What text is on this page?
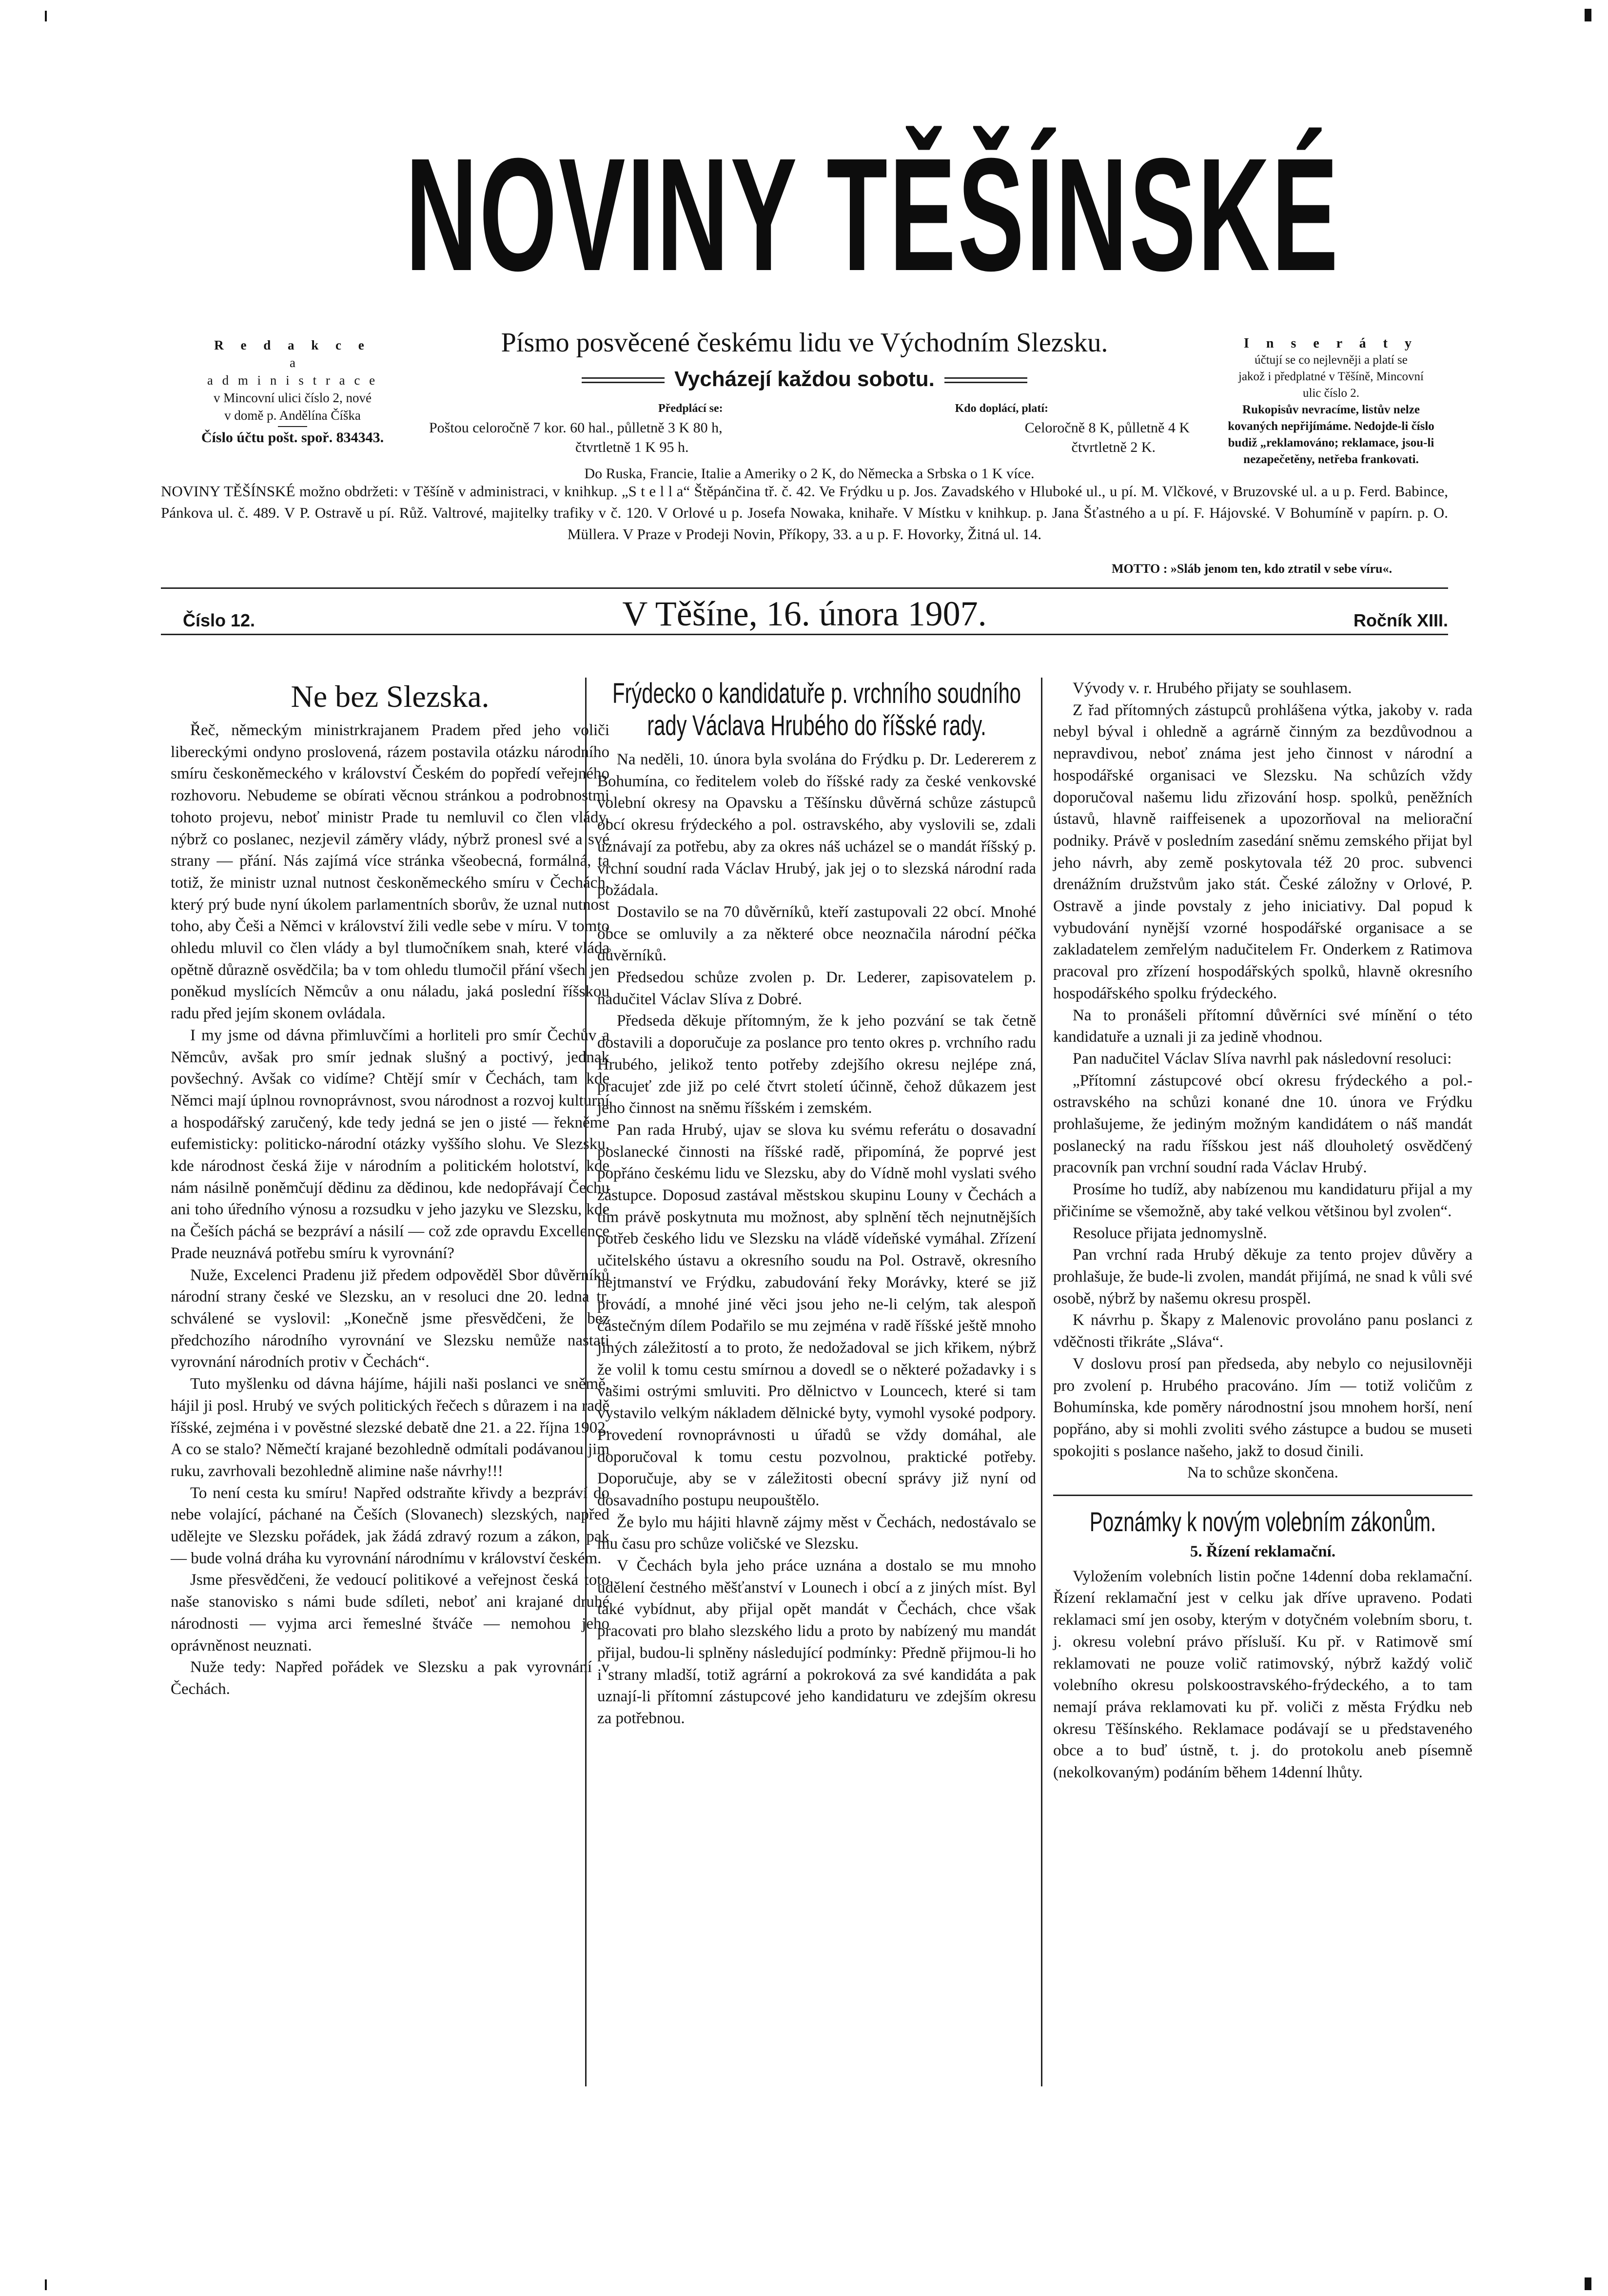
NOVINY TĚŠÍNSKÉ
R e d a k c e
a
a d m i n i s t r a c e
v Mincovní ulici číslo 2, nové
v domě p. Andělína Číška
Číslo účtu pošt. spoř. 834343.
Písmo posvěcené českému lidu ve Východním Slezsku.
Vycházejí každou sobotu.
Předplácí se:	Kdo doplácí, platí:
Poštou celoročně 7 kor. 60 hal., půlletně 3 K 80 h,	Celoročně 8 K, půlletně 4 K
čtvrtletně 1 K 95 h.	čtvrtletně 2 K.
Do Ruska, Francie, Italie a Ameriky o 2 K, do Německa a Srbska o 1 K více.
I n s e r á t y
účtují se co nejlevněji a platí se
jakož i předplatné v Těšíně, Mincovní
ulic číslo 2.
Rukopisův nevracíme, listův nelze
kovaných nepřijímáme. Nedojde-li číslo
budiž „reklamováno; reklamace, jsou-li
nezapečetěny, netřeba frankovati.
NOVINY TĚŠÍNSKÉ možno obdržeti: v Těšíně v administraci, v knihkup. „S t e l l a“ Štěpánčina tř. č. 42. Ve Frýdku u p. Jos. Zavadského v Hluboké ul., u pí. M. Vlčkové, v Bruzovské ul. a u p. Ferd. Babince, Pánkova ul. č. 489. V P. Ostravě u pí. Růž. Valtrové, majitelky trafiky v č. 120. V Orlové u p. Josefa Nowaka, knihaře. V Místku v knihkup. p. Jana Šťastného a u pí. F. Hájovské. V Bohumíně v papírn. p. O. Müllera. V Praze v Prodeji Novin, Příkopy, 33. a u p. F. Hovorky, Žitná ul. 14.
MOTTO : »Sláb jenom ten, kdo ztratil v sebe víru«.
Číslo 12.	V Těšíne, 16. února 1907.	Ročník XIII.
Ne bez Slezska.

Řeč, německým ministrkrajanem Pradem před jeho voliči libereckými ondyno proslovená, rázem postavila otázku národního smíru českoněmeckého v království Českém do popředí veřejného rozhovoru. Nebudeme se obírati věcnou stránkou a podrobnostmi tohoto projevu, neboť ministr Prade tu nemluvil co člen vlády, nýbrž co poslanec, nezjevil záměry vlády, nýbrž pronesl své a své strany — přání. Nás zajímá více stránka všeobecná, formálná, ta totiž, že ministr uznal nutnost českoněmeckého smíru v Čechách, který prý bude nyní úkolem parlamentních sborův, že uznal nutnost toho, aby Češi a Němci v království žili vedle sebe v míru. V tomto ohledu mluvil co člen vlády a byl tlumočníkem snah, které vláda opětně důrazně osvědčila; ba v tom ohledu tlumočil přání všech jen poněkud myslících Němcův a onu náladu, jaká poslední říšskou radu před jejím skonem ovládala.

I my jsme od dávna přimluvčími a horliteli pro smír Čechův a Němcův, avšak pro smír jednak slušný a poctivý, jednak povšechný. Avšak co vidíme? Chtějí smír v Čechách, tam kde Němci mají úplnou rovnoprávnost, svou národnost a rozvoj kulturní a hospodářský zaručený, kde tedy jedná se jen o jisté — řekněme eufemisticky: politicko-národní otázky vyššího slohu. Ve Slezsku, kde národnost česká žije v národním a politickém holotství, kde nám násilně poněmčují dědinu za dědinou, kde nedopřávají Čechu ani toho úředního výnosu a rozsudku v jeho jazyku ve Slezsku, kde na Češích páchá se bezpráví a násilí — což zde opravdu Excellence Prade neuznává potřebu smíru k vyrovnání?

Nuže, Excelenci Pradenu již předem odpověděl Sbor důvěrníků národní strany české ve Slezsku, an v resoluci dne 20. ledna tr. schválené se vyslovil: „Konečně jsme přesvědčeni, že bez předchozího národního vyrovnání ve Slezsku nemůže nastati vyrovnání národních protiv v Čechách“.

Tuto myšlenku od dávna hájíme, hájili naši poslanci ve sněmě, hájil ji posl. Hrubý ve svých politických řečech s důrazem i na radě říšské, zejména i v pověstné slezské debatě dne 21. a 22. října 1902. A co se stalo? Němečtí krajané bezohledně odmítali podávanou jim ruku, zavrhovali bezohledně alimine naše návrhy!!!

To není cesta ku smíru! Napřed odstraňte křivdy a bezpráví do nebe volající, páchané na Češích (Slovanech) slezských, napřed udělejte ve Slezsku pořádek, jak žádá zdravý rozum a zákon, pak — bude volná dráha ku vyrovnání národnímu v království českém.

Jsme přesvědčeni, že vedoucí politikové a veřejnost česká toto naše stanovisko s námi bude sdíleti, neboť ani krajané druhé národnosti — vyjma arci řemeslné štváče — nemohou jeho oprávněnost neuznati.

Nuže tedy: Napřed pořádek ve Slezsku a pak vyrovnání v Čechách.

Frýdecko o kandidatuře p. vrchního soudního rady Václava Hrubého do říšské rady.

Na neděli, 10. února byla svolána do Frýdku p. Dr. Ledererem z Bohumína, co ředitelem voleb do říšské rady za české venkovské volební okresy na Opavsku a Těšínsku důvěrná schůze zástupců obcí okresu frýdeckého a pol. ostravského, aby vyslovili se, zdali uznávají za potřebu, aby za okres náš ucházel se o mandát říšský p. vrchní soudní rada Václav Hrubý, jak jej o to slezská národní rada požádala.

Dostavilo se na 70 důvěrníků, kteří zastupovali 22 obcí. Mnohé obce se omluvily a za některé obce neoznačila národní péčka důvěrníků.

Předsedou schůze zvolen p. Dr. Lederer, zapisovatelem p. nadučitel Václav Slíva z Dobré.

Předseda děkuje přítomným, že k jeho pozvání se tak četně dostavili a doporučuje za poslance pro tento okres p. vrchního radu Hrubého, jelikož tento potřeby zdejšího okresu nejlépe zná, pracujeť zde již po celé čtvrt století účinně, čehož důkazem jest jeho činnost na sněmu říšském i zemském.

Pan rada Hrubý, ujav se slova ku svému referátu o dosavadní poslanecké činnosti na říšské radě, připomíná, že poprvé jest popřáno českému lidu ve Slezsku, aby do Vídně mohl vyslati svého zástupce. Doposud zastával městskou skupinu Louny v Čechách a tím právě poskytnuta mu možnost, aby splnění těch nejnutnějších potřeb českého lidu ve Slezsku na vládě vídeňské vymáhal. Zřízení učitelského ústavu a okresního soudu na Pol. Ostravě, okresního hejtmanství ve Frýdku, zabudování řeky Morávky, které se již provádí, a mnohé jiné věci jsou jeho ne-li celým, tak alespoň částečným dílem Podařilo se mu zejména v radě říšské ještě mnoho jiných záležitostí a to proto, že nedožadoval se jich křikem, nýbrž že volil k tomu cestu smírnou a dovedl se o některé požadavky i s vašimi ostrými smluviti. Pro dělnictvo v Louncech, které si tam vystavilo velkým nákladem dělnické byty, vymohl vysoké podpory. Provedení rovnoprávnosti u úřadů se vždy domáhal, ale doporučoval k tomu cestu pozvolnou, praktické potřeby. Doporučuje, aby se v záležitosti obecní správy již nyní od dosavadního postupu neupouštělo.

Že bylo mu hájiti hlavně zájmy měst v Čechách, nedostávalo se mu času pro schůze voličské ve Slezsku.

V Čechách byla jeho práce uznána a dostalo se mu mnoho udělení čestného měšťanství v Lounech i obcí a z jiných míst. Byl také vybídnut, aby přijal opět mandát v Čechách, chce však pracovati pro blaho slezského lidu a proto by nabízený mu mandát přijal, budou-li splněny následující podmínky: Předně přijmou-li ho i strany mladší, totiž agrární a pokroková za své kandidáta a pak uznají-li přítomní zástupcové jeho kandidaturu ve zdejším okresu za potřebnou.

Vývody v. r. Hrubého přijaty se souhlasem.

Z řad přítomných zástupců prohlášena výtka, jakoby v. rada nebyl býval i ohledně a agrárně činným za bezdůvodnou a nepravdivou, neboť známa jest jeho činnost v národní a hospodářské organisaci ve Slezsku. Na schůzích vždy doporučoval našemu lidu zřizování hosp. spolků, peněžních ústavů, hlavně raiffeisenek a upozorňoval na meliorační podniky. Právě v posledním zasedání sněmu zemského přijat byl jeho návrh, aby země poskytovala též 20 proc. subvenci drenážním družstvům jako stát. České záložny v Orlové, P. Ostravě a jinde povstaly z jeho iniciativy. Dal popud k vybudování nynější vzorné hospodářské organisace a se zakladatelem zemřelým nadučitelem Fr. Onderkem z Ratimova pracoval pro zřízení hospodářských spolků, hlavně okresního hospodářského spolku frýdeckého.

Na to pronášeli přítomní důvěrníci své mínění o této kandidatuře a uznali ji za jedině vhodnou.

Pan nadučitel Václav Slíva navrhl pak následovní resoluci:

„Přítomní zástupcové obcí okresu frýdeckého a pol.-ostravského na schůzi konané dne 10. února ve Frýdku prohlašujeme, že jediným možným kandidátem o náš mandát poslanecký na radu říšskou jest náš dlouholetý osvědčený pracovník pan vrchní soudní rada Václav Hrubý.

Prosíme ho tudíž, aby nabízenou mu kandidaturu přijal a my přičiníme se všemožně, aby také velkou většinou byl zvolen“.

Resoluce přijata jednomyslně.

Pan vrchní rada Hrubý děkuje za tento projev důvěry a prohlašuje, že bude-li zvolen, mandát přijímá, ne snad k vůli své osobě, nýbrž by našemu okresu prospěl.

K návrhu p. Škapy z Malenovic provoláno panu poslanci z vděčnosti třikráte „Sláva“.

V doslovu prosí pan předseda, aby nebylo co nejusilovněji pro zvolení p. Hrubého pracováno. Jím — totiž voličům z Bohumínska, kde poměry národnostní jsou mnohem horší, není popřáno, aby si mohli zvoliti svého zástupce a budou se museti spokojiti s poslance našeho, jakž to dosud činili.

Na to schůze skončena.

Poznámky k novým volebním zákonům.
5. Řízení reklamační.

Vyložením volebních listin počne 14denní doba reklamační. Řízení reklamační jest v celku jak dříve upraveno. Podati reklamaci smí jen osoby, kterým v dotyčném volebním sboru, t. j. okresu volební právo přísluší. Ku př. v Ratimově smí reklamovati ne pouze volič ratimovský, nýbrž každý volič volebního okresu polskoostravského-frýdeckého, a to tam nemají práva reklamovati ku př. voliči z města Frýdku neb okresu Těšínského. Reklamace podávají se u představeného obce a to buď ústně, t. j. do protokolu aneb písemně (nekolkovaným) podáním během 14denní lhůty.
